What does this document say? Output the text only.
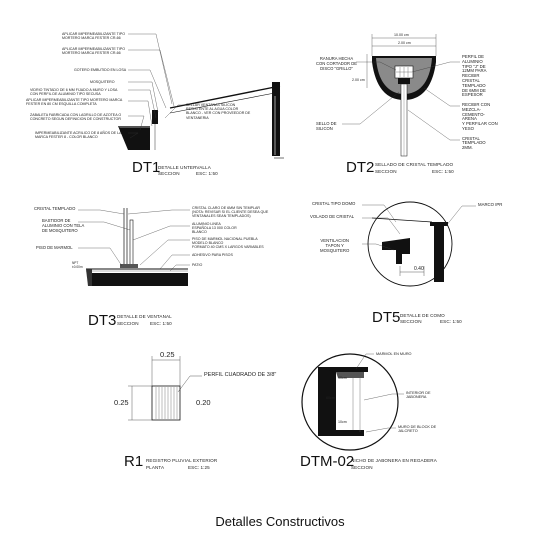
APLICAR IMPERMEABILIZANTE TIPO
MORTERO MARCA FESTER CR-66
APLICAR IMPERMEABILIZANTE TIPO
MORTERO MARCA FESTER CR-66
GOTERO EMBUTIDO EN LOSA
MOSQUITERO
VIDRIO TINTADO DE 6 MM FIJADO A MURO Y LOSA
CON PERFIL DE ALUMINIO TIPO SECUSA
APLICAR IMPERMEABILIZANTE TIPO MORTERO MARCA
FESTER EN 80 CM ESQUILLA COMPLETA
ZABALETA FABRICADA CON LADRILLO DE AZOTEA O
CONCRETO SEGUN DEFINICION DE CONSTRUCTOR
IMPERMEABILIZANTE ACRILICO DE 8 AÑOS DE LA
MARCA FESTER 8 - COLOR BLANCO
SELLAR VENTANAS SILICON
RESISTENTE AL AGUA COLOR
BLANCO - VER CON PROVEEDOR DE
VENTANERIA
DT1
DETALLE UNTERVALLA
SECCION	ESC: 1:50
10.00 cm
2.00 cm
2.00 cm
RANURA HECHA
CON CORTADOR DE
DISCO "GRILLO"
SELLO DE
SILICON
PERFIL DE
ALUMINIO
TIPO "J" DE
12MM PARA
RECIBIR
CRISTAL
TEMPLADO
DE 6MM DE
ESPESOR

RECIBIR CON
MEZCLA-
CEMENTO-
ARENA
Y PERFILAR CON
YESO

CRISTAL
TEMPLADO
2MM.
DT2 SELLADO DE CRISTAL TEMPLADO
SECCION	ESC: 1:50
CRISTAL TEMPLADO
BASTIDOR DE
ALUMINIO CON TELA
DE MOSQUITERO
PISO DE MARMOL
NPT
±0.00m
CRISTAL CLARO DE 6MM SIN TEMPLAR
(NOTA: REVISAR SI EL CLIENTE DESEA QUE
VENTANALES SEAN TEMPLADOS)
ALUMINIO LINEA
ESPAÑOLA 13 000 COLOR
BLANCO
PISO DE MARMOL NACIONAL PUEBLA
MODELO BLANCO
FORMATO 40 CMS X LARGOS VARIABLES
ADHESIVO PARA PISOS
PATIO
DT3 DETALLE DE VENTANAL
SECCION ESC: 1:50
CRISTAL TIPO DOMO
VOLADO DE CRISTAL
VENTILACION
TAPON Y
MOSQUITERO
MARCO IPR
0.40
DT5 DETALLE DE COMO
SECCION	ESC: 1:50
0.25
0.25	0.20
PERFIL CUADRADO DE 3/8"
R1 REGISTRO PLUVIAL EXTERIOR
PLANTA	ESC: 1:25
MARMOL EN MURO
INTERIOR DE
JABONERA
MURO DE BLOCK DE
JALCRETO
10cm
60cm
10cm
DTM-02
NICHO DE JABONERA EN REGADERA
SECCION
Detalles Constructivos
